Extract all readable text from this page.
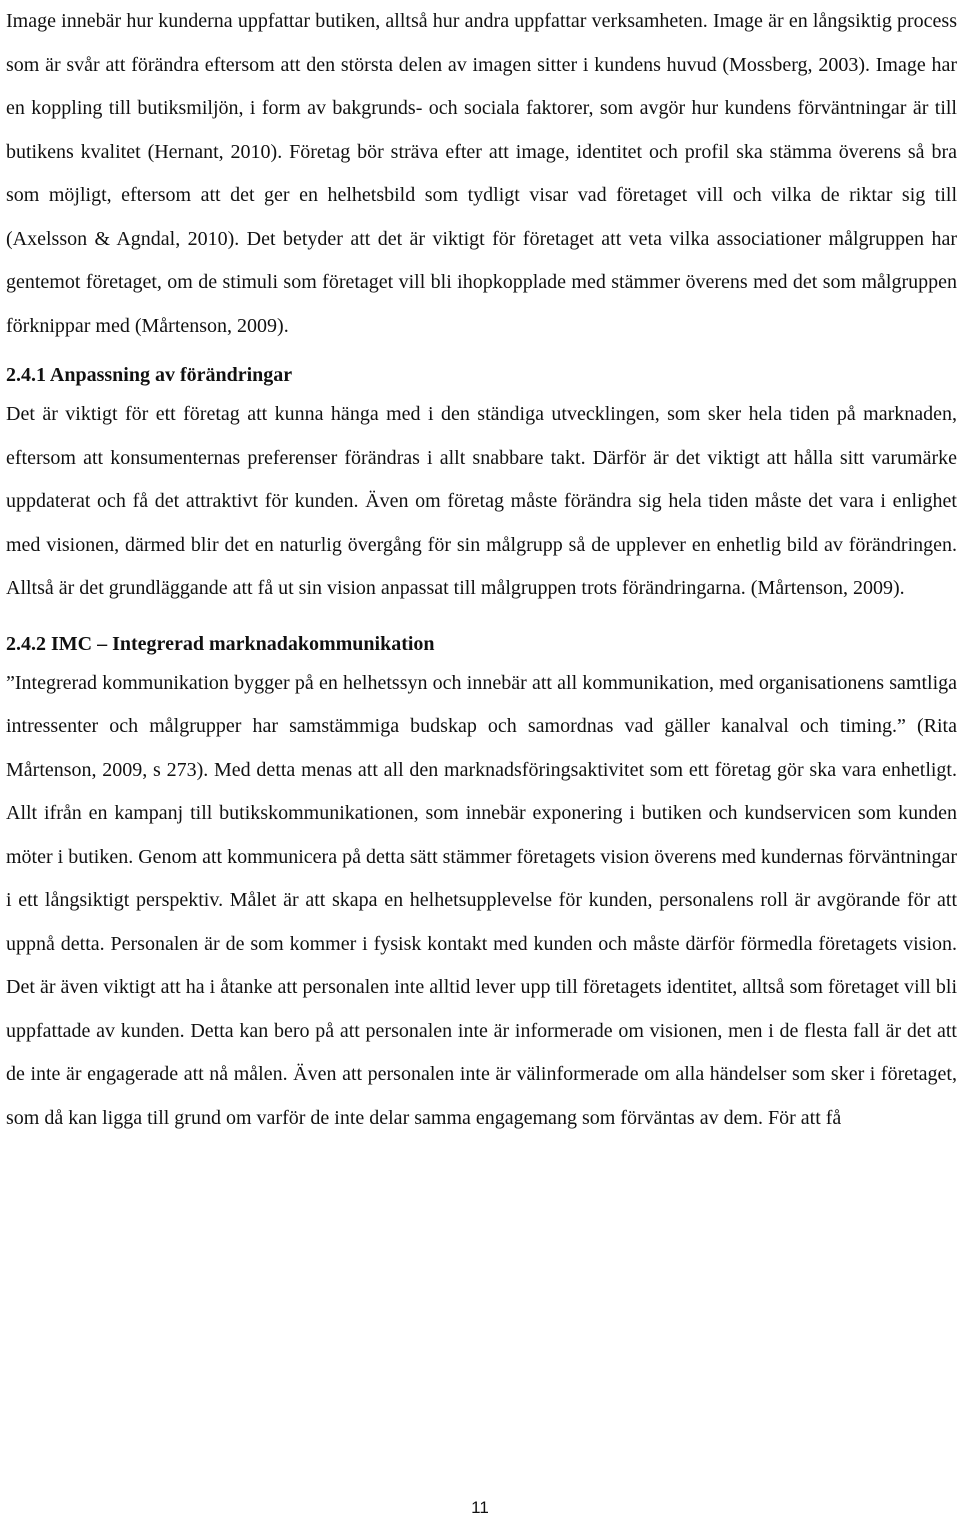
Image innebär hur kunderna uppfattar butiken, alltså hur andra uppfattar verksamheten. Image är en långsiktig process som är svår att förändra eftersom att den största delen av imagen sitter i kundens huvud (Mossberg, 2003). Image har en koppling till butiksmiljön, i form av bakgrunds- och sociala faktorer, som avgör hur kundens förväntningar är till butikens kvalitet (Hernant, 2010). Företag bör sträva efter att image, identitet och profil ska stämma överens så bra som möjligt, eftersom att det ger en helhetsbild som tydligt visar vad företaget vill och vilka de riktar sig till (Axelsson & Agndal, 2010). Det betyder att det är viktigt för företaget att veta vilka associationer målgruppen har gentemot företaget, om de stimuli som företaget vill bli ihopkopplade med stämmer överens med det som målgruppen förknippar med (Mårtenson, 2009).

2.4.1 Anpassning av förändringar

Det är viktigt för ett företag att kunna hänga med i den ständiga utvecklingen, som sker hela tiden på marknaden, eftersom att konsumenternas preferenser förändras i allt snabbare takt. Därför är det viktigt att hålla sitt varumärke uppdaterat och få det attraktivt för kunden. Även om företag måste förändra sig hela tiden måste det vara i enlighet med visionen, därmed blir det en naturlig övergång för sin målgrupp så de upplever en enhetlig bild av förändringen. Alltså är det grundläggande att få ut sin vision anpassat till målgruppen trots förändringarna. (Mårtenson, 2009).

2.4.2 IMC – Integrerad marknadakommunikation

”Integrerad kommunikation bygger på en helhetssyn och innebär att all kommunikation, med organisationens samtliga intressenter och målgrupper har samstämmiga budskap och samordnas vad gäller kanalval och timing.” (Rita Mårtenson, 2009, s 273). Med detta menas att all den marknadsföringsaktivitet som ett företag gör ska vara enhetligt. Allt ifrån en kampanj till butikskommunikationen, som innebär exponering i butiken och kundservicen som kunden möter i butiken. Genom att kommunicera på detta sätt stämmer företagets vision överens med kundernas förväntningar i ett långsiktigt perspektiv. Målet är att skapa en helhetsupplevelse för kunden, personalens roll är avgörande för att uppnå detta. Personalen är de som kommer i fysisk kontakt med kunden och måste därför förmedla företagets vision. Det är även viktigt att ha i åtanke att personalen inte alltid lever upp till företagets identitet, alltså som företaget vill bli uppfattade av kunden. Detta kan bero på att personalen inte är informerade om visionen, men i de flesta fall är det att de inte är engagerade att nå målen. Även att personalen inte är välinformerade om alla händelser som sker i företaget, som då kan ligga till grund om varför de inte delar samma engagemang som förväntas av dem. För att få

11
